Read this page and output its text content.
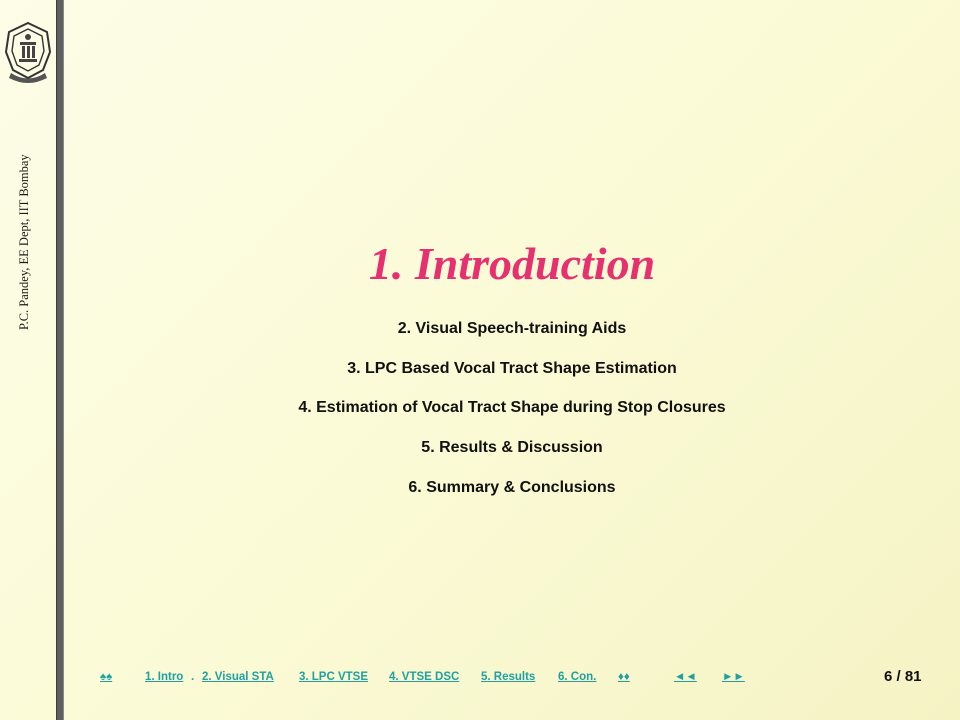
P.C. Pandey, EE Dept, IIT Bombay	1. Introduction
2. Visual Speech-training Aids
3. LPC Based Vocal Tract Shape Estimation
4. Estimation of Vocal Tract Shape during Stop Closures
5. Results & Discussion
6. Summary & Conclusions
♠♠	1. Intro . 2. Visual STA 3. LPC VTSE 4. VTSE DSC 5. Results 6. Con. ♦♦	◄◄ ►►	6 / 81
